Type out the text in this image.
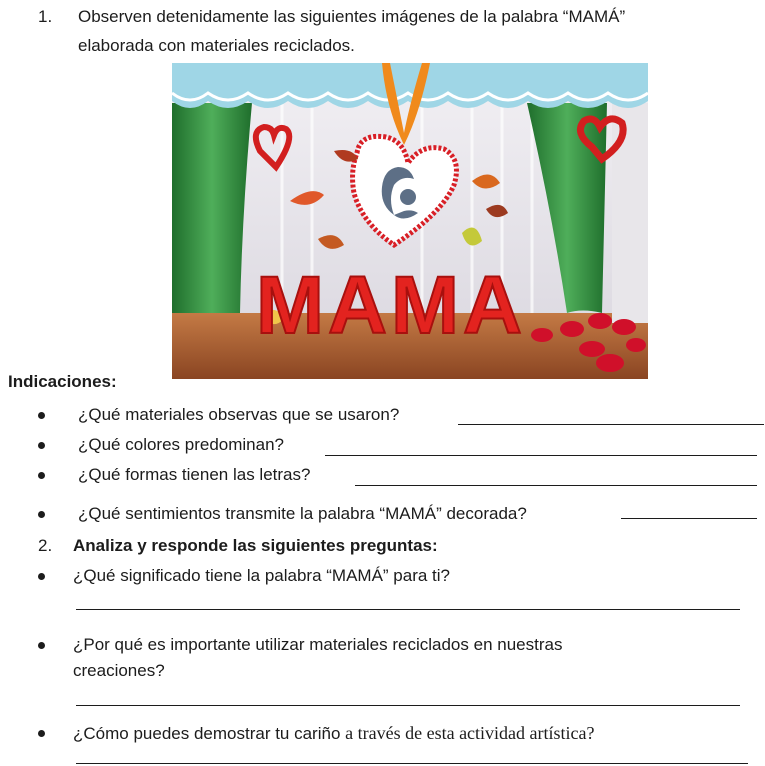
1. Observen detenidamente las siguientes imágenes de la palabra “MAMÁ”
elaborada con materiales reciclados.
MAMA
Indicaciones:
¿Qué materiales observas que se usaron?
¿Qué colores predominan?
¿Qué formas tienen las letras?
¿Qué sentimientos transmite la palabra “MAMÁ” decorada?
2. Analiza y responde las siguientes preguntas:
¿Qué significado tiene la palabra “MAMÁ” para ti?
¿Por qué es importante utilizar materiales reciclados en nuestras
creaciones?
¿Cómo puedes demostrar tu cariño a través de esta actividad artística?
